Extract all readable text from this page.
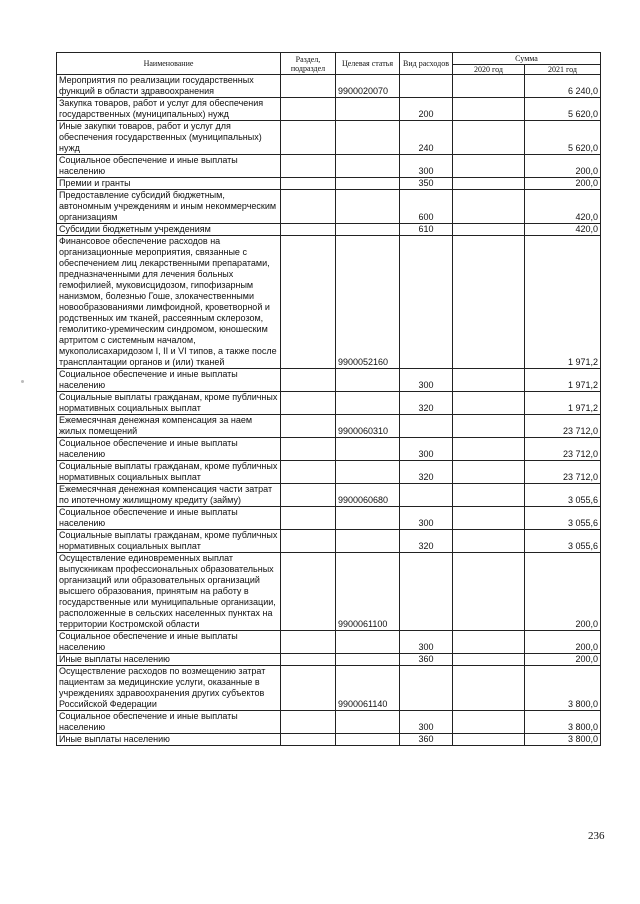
Наименование	Раздел, подраздел	Целевая статья	Вид расходов	Сумма	
				2020 год	2021 год
Мероприятия по реализации государственных функций в области здравоохранения		9900020070			6 240,0
Закупка товаров, работ и услуг для обеспечения государственных (муниципальных) нужд			200		5 620,0
Иные закупки товаров, работ и услуг для обеспечения государственных (муниципальных) нужд			240		5 620,0
Социальное обеспечение и иные выплаты населению			300		200,0
Премии и гранты			350		200,0
Предоставление субсидий бюджетным, автономным учреждениям и иным некоммерческим организациям			600		420,0
Субсидии бюджетным учреждениям			610		420,0
Финансовое обеспечение расходов на организационные мероприятия, связанные с обеспечением лиц лекарственными препаратами, предназначенными для лечения больных гемофилией, муковисцидозом, гипофизарным нанизмом, болезнью Гоше, злокачественными новообразованиями лимфоидной, кроветворной и родственных им тканей, рассеянным склерозом, гемолитико-уремическим синдромом, юношеским артритом с системным началом, мукополисахаридозом I, II и VI типов, а также после трансплантации органов и (или) тканей		9900052160			1 971,2
Социальное обеспечение и иные выплаты населению			300		1 971,2
Социальные выплаты гражданам, кроме публичных нормативных социальных выплат			320		1 971,2
Ежемесячная денежная компенсация за наем жилых помещений		9900060310			23 712,0
Социальное обеспечение и иные выплаты населению			300		23 712,0
Социальные выплаты гражданам, кроме публичных нормативных социальных выплат			320		23 712,0
Ежемесячная денежная компенсация части затрат по ипотечному жилищному кредиту (займу)		9900060680			3 055,6
Социальное обеспечение и иные выплаты населению			300		3 055,6
Социальные выплаты гражданам, кроме публичных нормативных социальных выплат			320		3 055,6
Осуществление единовременных выплат выпускникам профессиональных образовательных организаций или образовательных организаций высшего образования, принятым на работу в государственные или муниципальные организации, расположенные в сельских населенных пунктах на территории Костромской области		9900061100			200,0
Социальное обеспечение и иные выплаты населению			300		200,0
Иные выплаты населению			360		200,0
Осуществление расходов по возмещению затрат пациентам за медицинские услуги, оказанные в учреждениях здравоохранения других субъектов Российской Федерации		9900061140			3 800,0
Социальное обеспечение и иные выплаты населению			300		3 800,0
Иные выплаты населению			360		3 800,0
236
